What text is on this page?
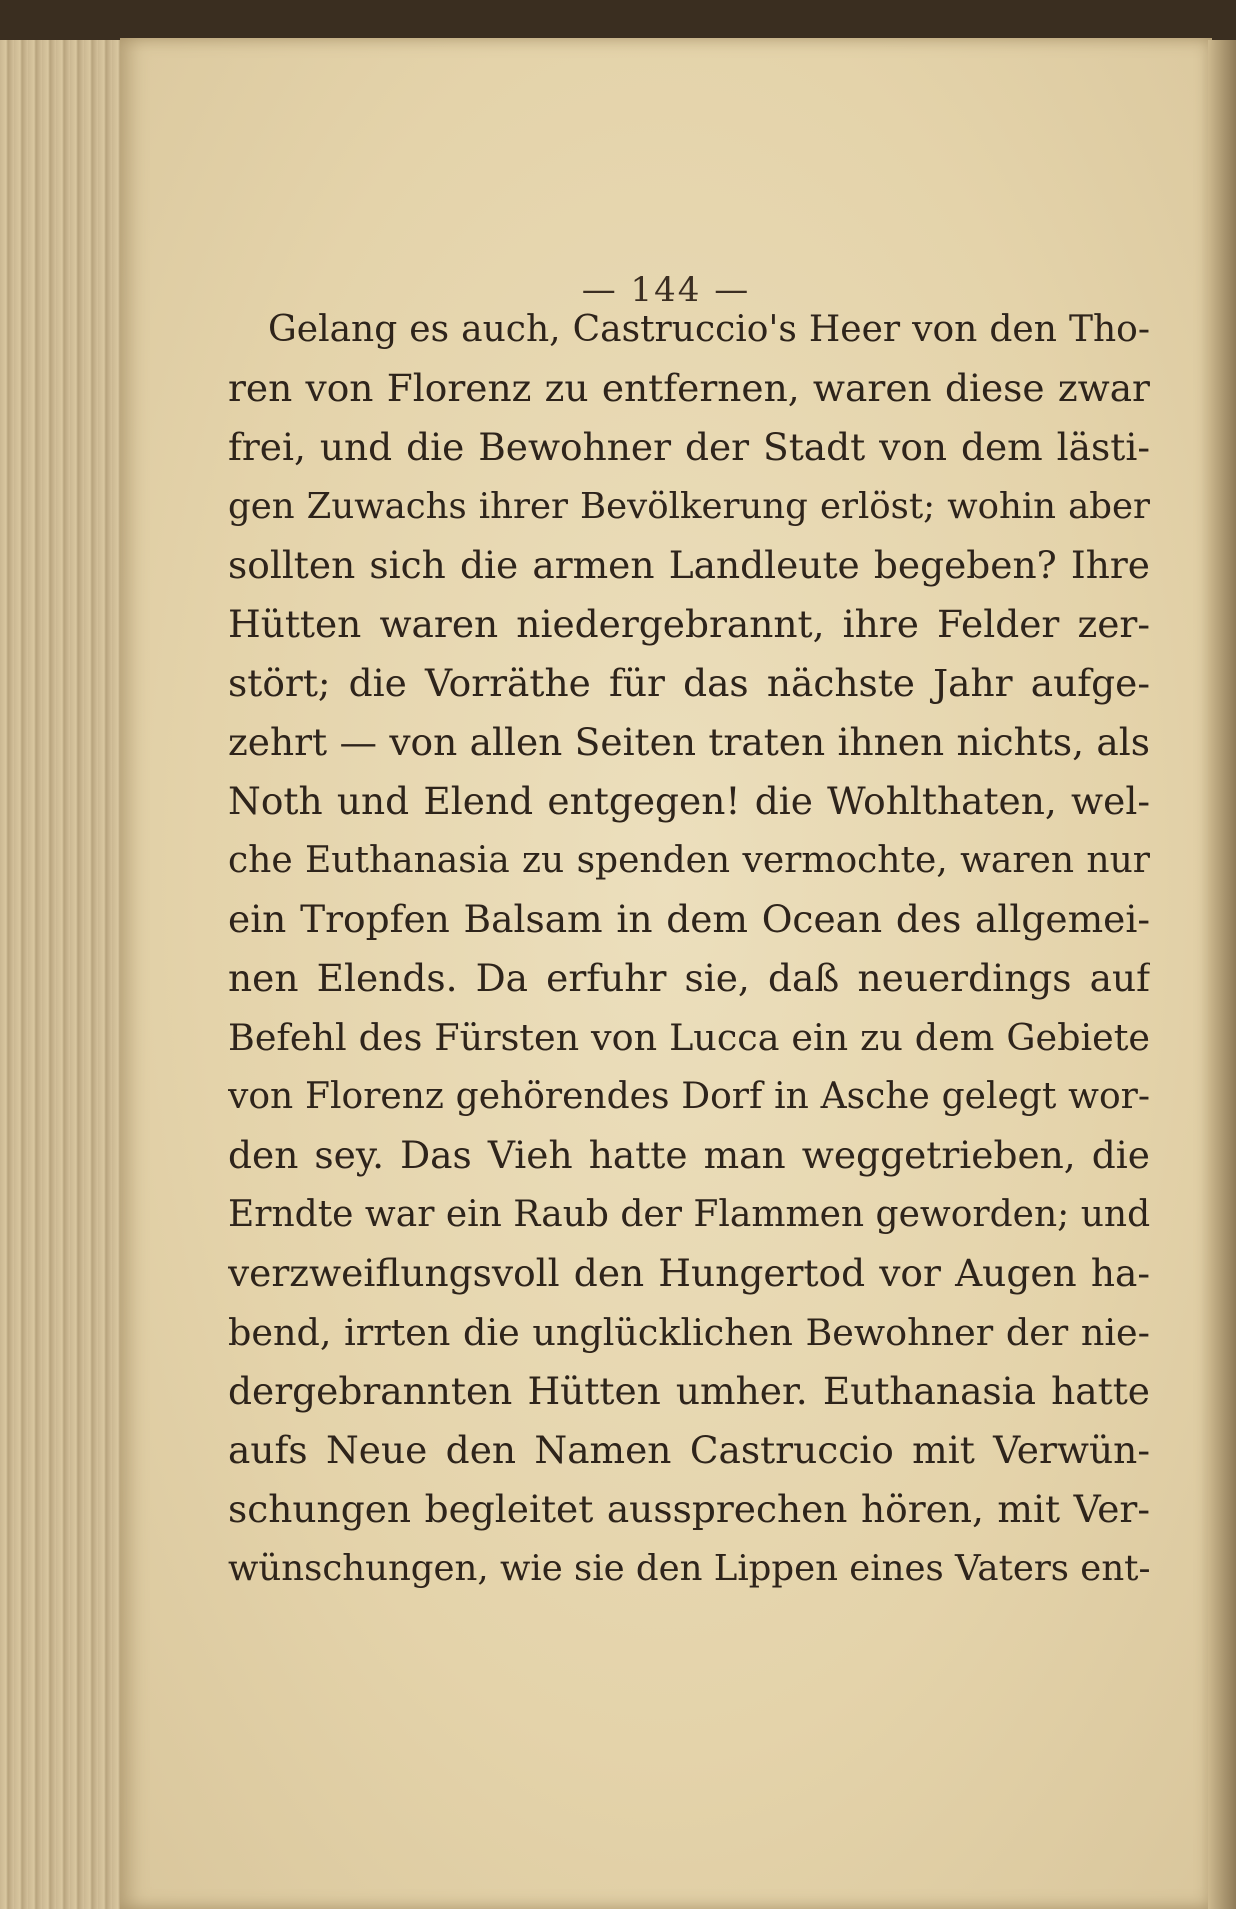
— 144 —
Gelang es auch, Castruccio's Heer von den Tho-
ren von Florenz zu entfernen, waren diese zwar
frei, und die Bewohner der Stadt von dem lästi-
gen Zuwachs ihrer Bevölkerung erlöst; wohin aber
sollten sich die armen Landleute begeben? Ihre
Hütten waren niedergebrannt, ihre Felder zer-
stört; die Vorräthe für das nächste Jahr aufge-
zehrt — von allen Seiten traten ihnen nichts, als
Noth und Elend entgegen! die Wohlthaten, wel-
che Euthanasia zu spenden vermochte, waren nur
ein Tropfen Balsam in dem Ocean des allgemei-
nen Elends. Da erfuhr sie, daß neuerdings auf
Befehl des Fürsten von Lucca ein zu dem Gebiete
von Florenz gehörendes Dorf in Asche gelegt wor-
den sey. Das Vieh hatte man weggetrieben, die
Erndte war ein Raub der Flammen geworden; und
verzweiflungsvoll den Hungertod vor Augen ha-
bend, irrten die unglücklichen Bewohner der nie-
dergebrannten Hütten umher. Euthanasia hatte
aufs Neue den Namen Castruccio mit Verwün-
schungen begleitet aussprechen hören, mit Ver-
wünschungen, wie sie den Lippen eines Vaters ent-
